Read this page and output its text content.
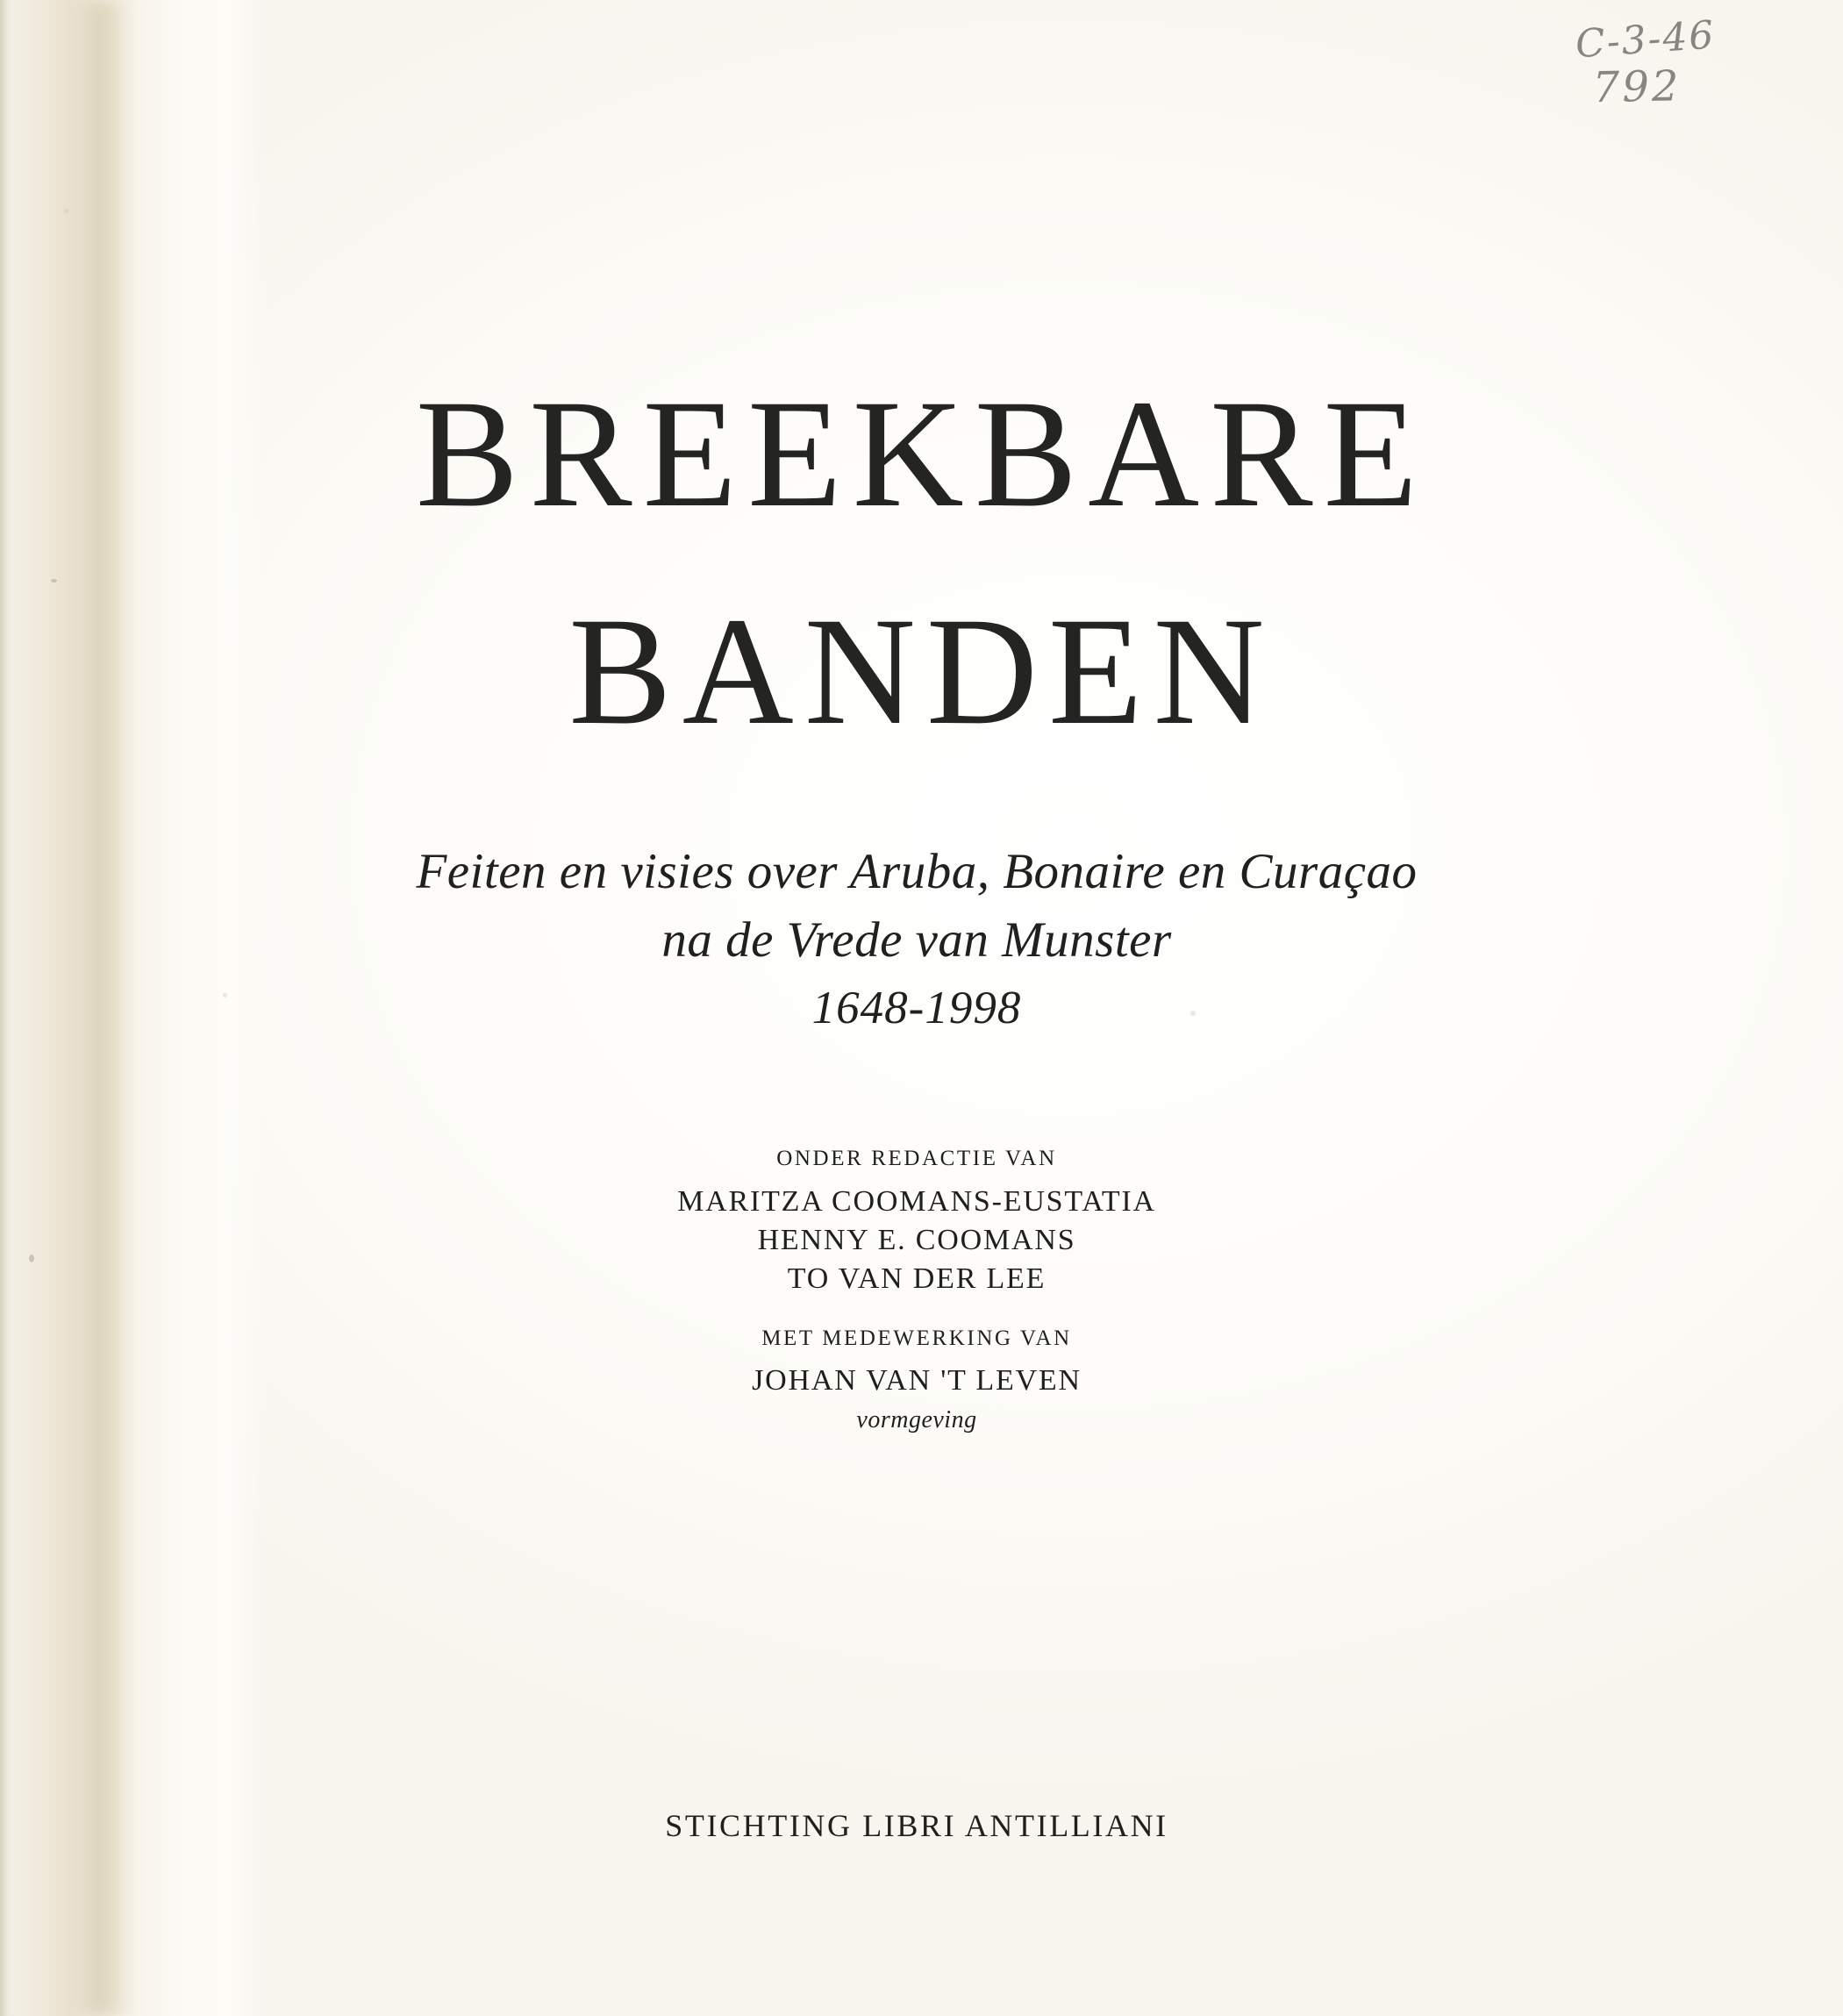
C-3-46
792
BREEKBARE
BANDEN
Feiten en visies over Aruba, Bonaire en Curaçao
na de Vrede van Munster
1648-1998
ONDER REDACTIE VAN
MARITZA COOMANS-EUSTATIA
HENNY E. COOMANS
TO VAN DER LEE
MET MEDEWERKING VAN
JOHAN VAN 'T LEVEN
vormgeving
STICHTING LIBRI ANTILLIANI
